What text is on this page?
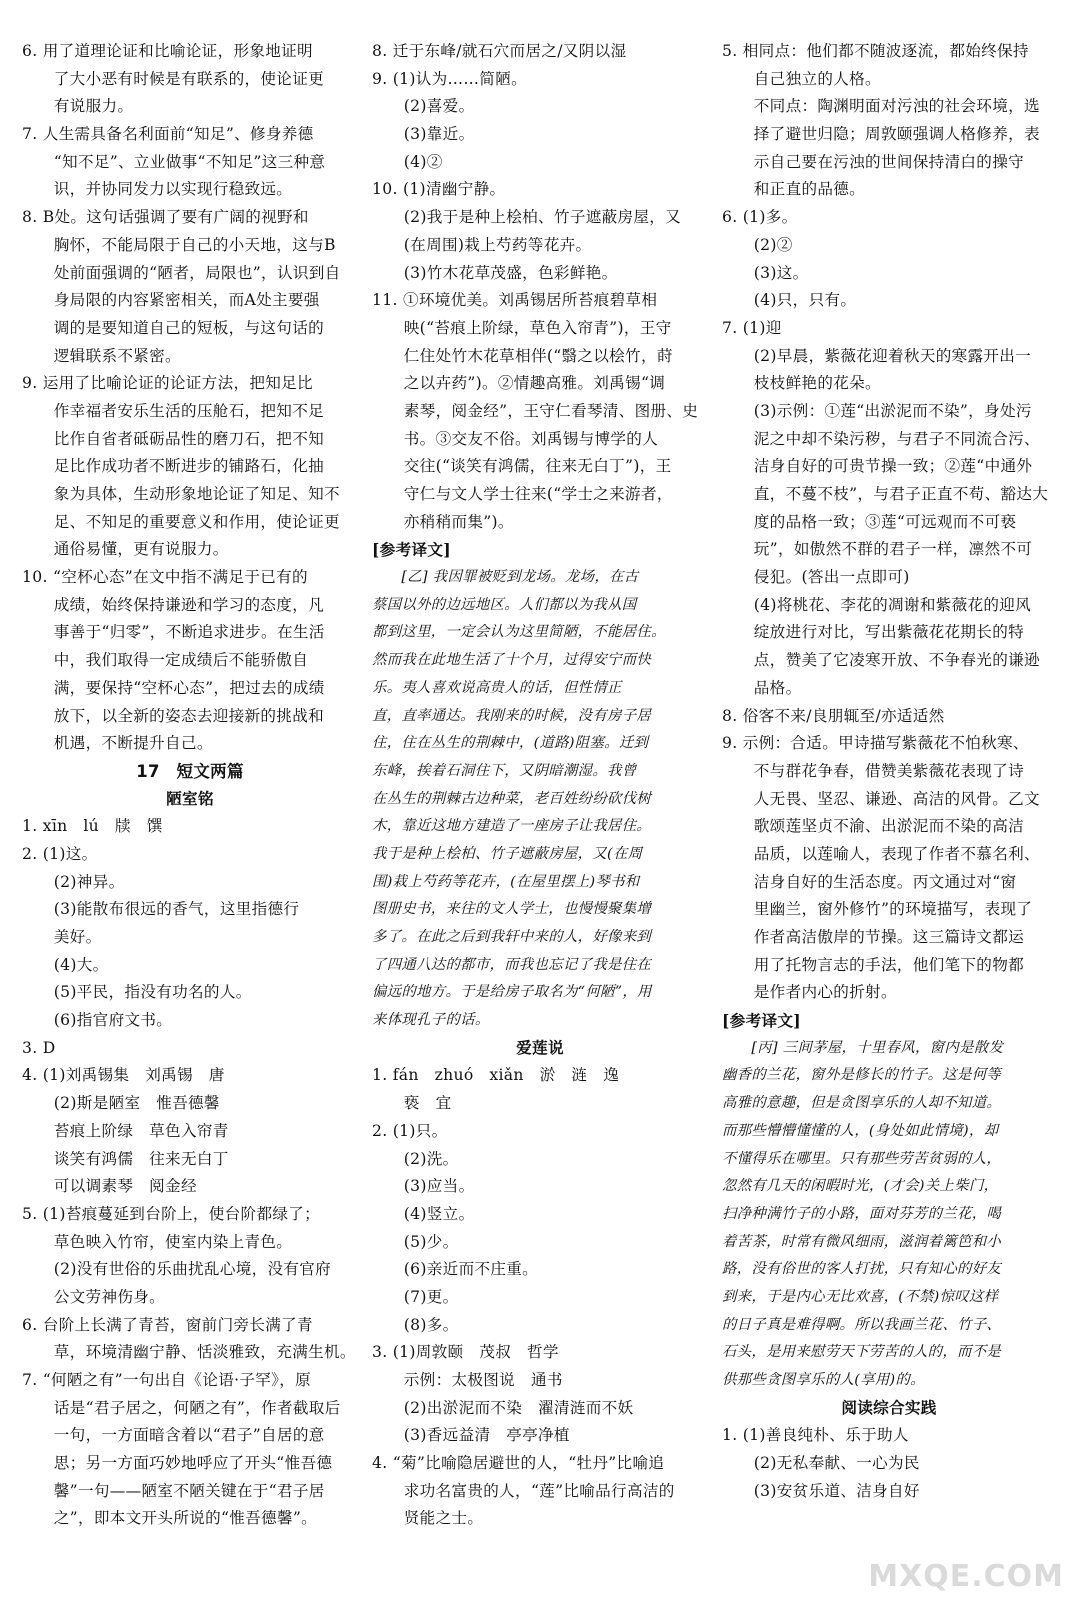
6. 用了道理论证和比喻论证，形象地证明
　　了大小恶有时候是有联系的，使论证更
　　有说服力。
7. 人生需具备名利面前“知足”、修身养德
　　“知不足”、立业做事“不知足”这三种意
　　识，并协同发力以实现行稳致远。
8. B处。这句话强调了要有广阔的视野和
　　胸怀，不能局限于自己的小天地，这与B
　　处前面强调的“陋者，局限也”，认识到自
　　身局限的内容紧密相关，而A处主要强
　　调的是要知道自己的短板，与这句话的
　　逻辑联系不紧密。
9. 运用了比喻论证的论证方法，把知足比
　　作幸福者安乐生活的压舱石，把知不足
　　比作自省者砥砺品性的磨刀石，把不知
　　足比作成功者不断进步的铺路石，化抽
　　象为具体，生动形象地论证了知足、知不
　　足、不知足的重要意义和作用，使论证更
　　通俗易懂，更有说服力。
10. “空杯心态”在文中指不满足于已有的
　　成绩，始终保持谦逊和学习的态度，凡
　　事善于“归零”，不断追求进步。在生活
　　中，我们取得一定成绩后不能骄傲自
　　满，要保持“空杯心态”，把过去的成绩
　　放下，以全新的姿态去迎接新的挑战和
　　机遇，不断提升自己。
17　短文两篇
陋室铭
1. xīn　lú　牍　馔
2. (1)这。
　　(2)神异。
　　(3)能散布很远的香气，这里指德行
　　美好。
　　(4)大。
　　(5)平民，指没有功名的人。
　　(6)指官府文书。
3. D
4. (1)刘禹锡集　刘禹锡　唐
　　(2)斯是陋室　惟吾德馨
　　苔痕上阶绿　草色入帘青
　　谈笑有鸿儒　往来无白丁
　　可以调素琴　阅金经
5. (1)苔痕蔓延到台阶上，使台阶都绿了；
　　草色映入竹帘，使室内染上青色。
　　(2)没有世俗的乐曲扰乱心境，没有官府
　　公文劳神伤身。
6. 台阶上长满了青苔，窗前门旁长满了青
　　草，环境清幽宁静、恬淡雅致，充满生机。
7. “何陋之有”一句出自《论语·子罕》，原
　　话是“君子居之，何陋之有”，作者截取后
　　一句，一方面暗含着以“君子”自居的意
　　思；另一方面巧妙地呼应了开头“惟吾德
　　馨”一句——陋室不陋关键在于“君子居
　　之”，即本文开头所说的“惟吾德馨”。
8. 迁于东峰/就石穴而居之/又阴以湿
9. (1)认为……简陋。
　　(2)喜爱。
　　(3)靠近。
　　(4)②
10. (1)清幽宁静。
　　(2)我于是种上桧柏、竹子遮蔽房屋，又
　　(在周围)栽上芍药等花卉。
　　(3)竹木花草茂盛，色彩鲜艳。
11. ①环境优美。刘禹锡居所苔痕碧草相
　　映(“苔痕上阶绿，草色入帘青”)，王守
　　仁住处竹木花草相伴(“翳之以桧竹，莳
　　之以卉药”)。②情趣高雅。刘禹锡“调
　　素琴，阅金经”，王守仁看琴清、图册、史
　　书。③交友不俗。刘禹锡与博学的人
　　交往(“谈笑有鸿儒，往来无白丁”)，王
　　守仁与文人学士往来(“学士之来游者，
　　亦稍稍而集”)。
[参考译文]
　　[乙] 我因罪被贬到龙场。龙场，在古
蔡国以外的边远地区。人们都以为我从国
都到这里，一定会认为这里简陋，不能居住。
然而我在此地生活了十个月，过得安宁而快
乐。夷人喜欢说高贵人的话，但性情正
直，直率通达。我刚来的时候，没有房子居
住，住在丛生的荆棘中，(道路)阻塞。迁到
东峰，挨着石洞住下，又阴暗潮湿。我曾
在丛生的荆棘古边种菜，老百姓纷纷砍伐树
木，靠近这地方建造了一座房子让我居住。
我于是种上桧柏、竹子遮蔽房屋，又(在周
围)栽上芍药等花卉，(在屋里摆上)琴书和
图册史书，来往的文人学士，也慢慢聚集增
多了。在此之后到我轩中来的人，好像来到
了四通八达的都市，而我也忘记了我是住在
偏远的地方。于是给房子取名为“何陋”，用
来体现孔子的话。
爱莲说
1. fán　zhuó　xiǎn　淤　涟　逸
　　亵　宜
2. (1)只。
　　(2)洗。
　　(3)应当。
　　(4)竖立。
　　(5)少。
　　(6)亲近而不庄重。
　　(7)更。
　　(8)多。
3. (1)周敦颐　茂叔　哲学
　　示例：太极图说　通书
　　(2)出淤泥而不染　濯清涟而不妖
　　(3)香远益清　亭亭净植
4. “菊”比喻隐居避世的人，“牡丹”比喻追
　　求功名富贵的人，“莲”比喻品行高洁的
　　贤能之士。
5. 相同点：他们都不随波逐流，都始终保持
　　自己独立的人格。
　　不同点：陶渊明面对污浊的社会环境，选
　　择了避世归隐；周敦颐强调人格修养，表
　　示自己要在污浊的世间保持清白的操守
　　和正直的品德。
6. (1)多。
　　(2)②
　　(3)这。
　　(4)只，只有。
7. (1)迎
　　(2)早晨，紫薇花迎着秋天的寒露开出一
　　枝枝鲜艳的花朵。
　　(3)示例：①莲“出淤泥而不染”，身处污
　　泥之中却不染污秽，与君子不同流合污、
　　洁身自好的可贵节操一致；②莲“中通外
　　直，不蔓不枝”，与君子正直不苟、豁达大
　　度的品格一致；③莲“可远观而不可亵
　　玩”，如傲然不群的君子一样，凛然不可
　　侵犯。(答出一点即可)
　　(4)将桃花、李花的凋谢和紫薇花的迎风
　　绽放进行对比，写出紫薇花花期长的特
　　点，赞美了它凌寒开放、不争春光的谦逊
　　品格。
8. 俗客不来/良朋辄至/亦适适然
9. 示例：合适。甲诗描写紫薇花不怕秋寒、
　　不与群花争春，借赞美紫薇花表现了诗
　　人无畏、坚忍、谦逊、高洁的风骨。乙文
　　歌颂莲坚贞不渝、出淤泥而不染的高洁
　　品质，以莲喻人，表现了作者不慕名利、
　　洁身自好的生活态度。丙文通过对“窗
　　里幽兰，窗外修竹”的环境描写，表现了
　　作者高洁傲岸的节操。这三篇诗文都运
　　用了托物言志的手法，他们笔下的物都
　　是作者内心的折射。
[参考译文]
　　[丙] 三间茅屋，十里春风，窗内是散发
幽香的兰花，窗外是修长的竹子。这是何等
高雅的意趣，但是贪图享乐的人却不知道。
而那些懵懵懂懂的人，(身处如此情境)，却
不懂得乐在哪里。只有那些劳苦贫弱的人，
忽然有几天的闲暇时光，(才会)关上柴门，
扫净种满竹子的小路，面对芬芳的兰花，喝
着苦茶，时常有微风细雨，滋润着篱笆和小
路，没有俗世的客人打扰，只有知心的好友
到来，于是内心无比欢喜，(不禁)惊叹这样
的日子真是难得啊。所以我画兰花、竹子、
石头，是用来慰劳天下劳苦的人的，而不是
供那些贪图享乐的人(享用)的。
阅读综合实践
1. (1)善良纯朴、乐于助人
　　(2)无私奉献、一心为民
　　(3)安贫乐道、洁身自好
MXQE.COM
